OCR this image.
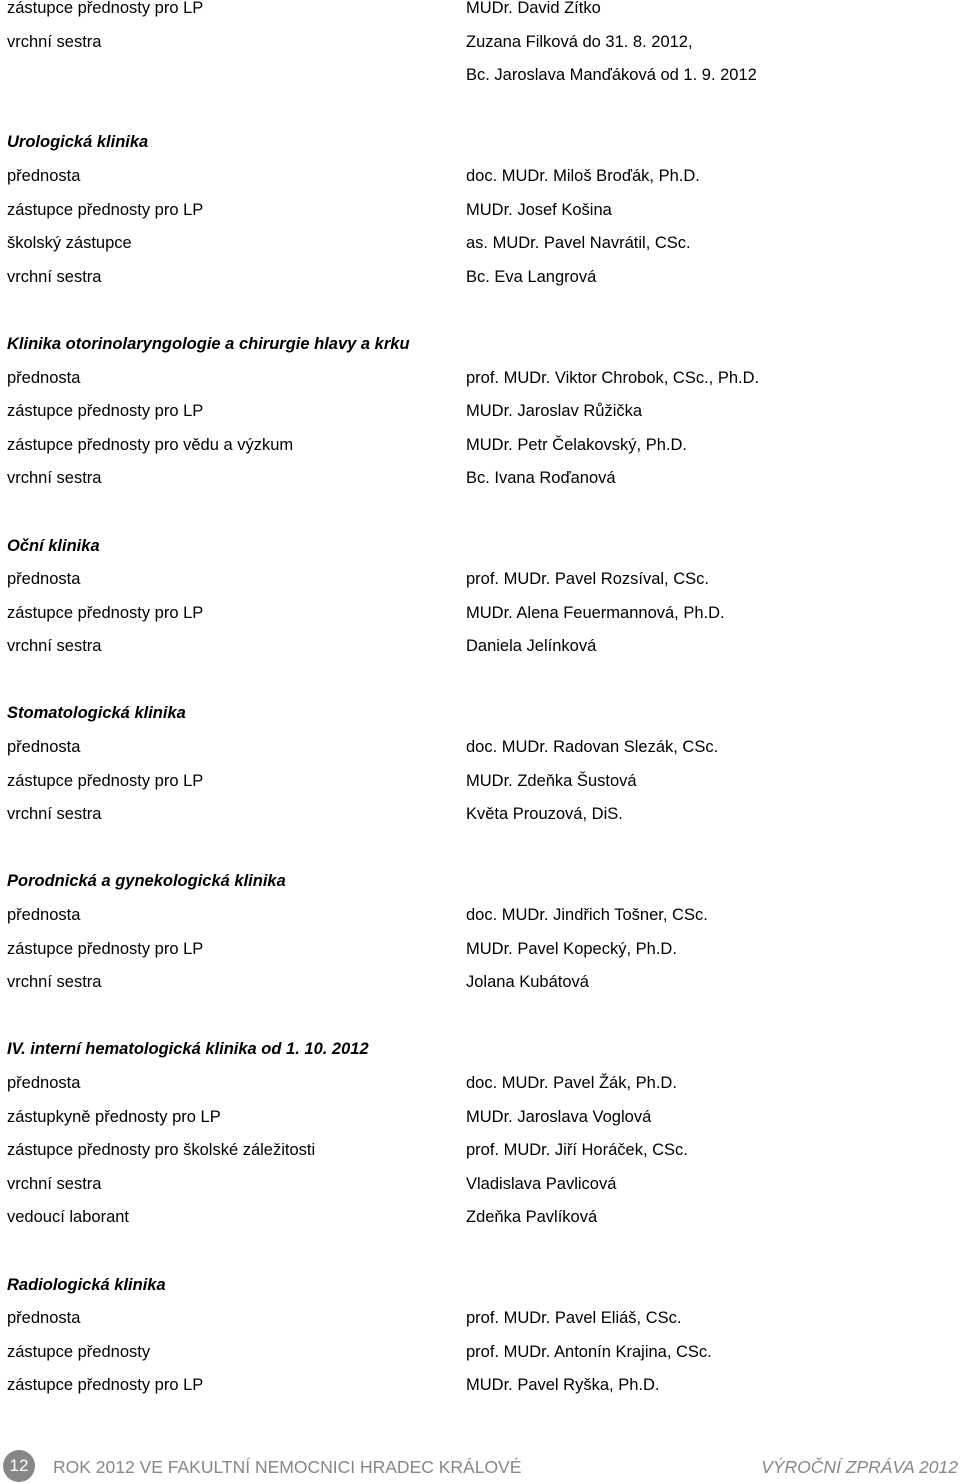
zástupce přednosty pro LP	MUDr. David Zítko
vrchní sestra	Zuzana Filková do 31. 8. 2012,
Bc. Jaroslava Manďáková od 1. 9. 2012
Urologická klinika
přednosta	doc. MUDr. Miloš Broďák, Ph.D.
zástupce přednosty pro LP	MUDr. Josef Košina
školský zástupce	as. MUDr. Pavel Navrátil, CSc.
vrchní sestra	Bc. Eva Langrová
Klinika otorinolaryngologie a chirurgie hlavy a krku
přednosta	prof. MUDr. Viktor Chrobok, CSc., Ph.D.
zástupce přednosty pro LP	MUDr. Jaroslav Růžička
zástupce přednosty pro vědu a výzkum	MUDr. Petr Čelakovský, Ph.D.
vrchní sestra	Bc. Ivana Roďanová
Oční klinika
přednosta	prof. MUDr. Pavel Rozsíval, CSc.
zástupce přednosty pro LP	MUDr. Alena Feuermannová, Ph.D.
vrchní sestra	Daniela Jelínková
Stomatologická klinika
přednosta	doc. MUDr. Radovan Slezák, CSc.
zástupce přednosty pro LP	MUDr. Zdeňka Šustová
vrchní sestra	Květa Prouzová, DiS.
Porodnická a gynekologická klinika
přednosta	doc. MUDr. Jindřich Tošner, CSc.
zástupce přednosty pro LP	MUDr. Pavel Kopecký, Ph.D.
vrchní sestra	Jolana Kubátová
IV. interní hematologická klinika od 1. 10. 2012
přednosta	doc. MUDr. Pavel Žák, Ph.D.
zástupkyně přednosty pro LP	MUDr. Jaroslava Voglová
zástupce přednosty pro školské záležitosti	prof. MUDr. Jiří Horáček, CSc.
vrchní sestra	Vladislava Pavlicová
vedoucí laborant	Zdeňka Pavlíková
Radiologická klinika
přednosta	prof. MUDr. Pavel Eliáš, CSc.
zástupce přednosty	prof. MUDr. Antonín Krajina, CSc.
zástupce přednosty pro LP	MUDr. Pavel Ryška, Ph.D.
12	ROK 2012 VE FAKULTNÍ NEMOCNICI HRADEC KRÁLOVÉ	VÝROČNÍ ZPRÁVA 2012
